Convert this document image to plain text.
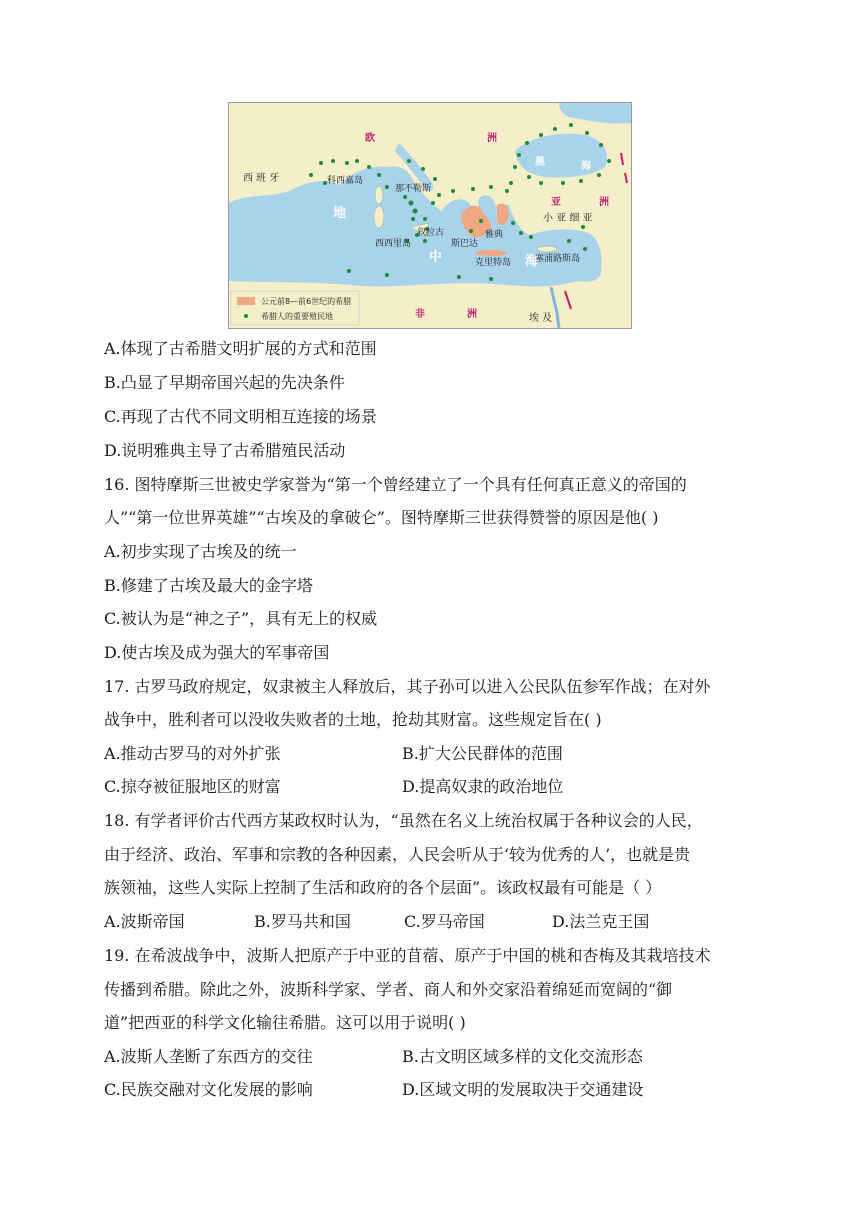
欧	洲
西 班 牙	科西嘉岛
那不勒斯
黑	海
亚	洲
小 亚 细 亚
地
中	海
叙拉古
西西里岛	斯巴达
雅典
克里特岛	塞浦路斯岛
非	洲	埃 及
公元前8—前6世纪的希腊
希腊人的重要殖民地
A.体现了古希腊文明扩展的方式和范围
B.凸显了早期帝国兴起的先决条件
C.再现了古代不同文明相互连接的场景
D.说明雅典主导了古希腊殖民活动
16. 图特摩斯三世被史学家誉为“第一个曾经建立了一个具有任何真正意义的帝国的
人”“第一位世界英雄”“古埃及的拿破仑”。图特摩斯三世获得赞誉的原因是他( )
A.初步实现了古埃及的统一
B.修建了古埃及最大的金字塔
C.被认为是“神之子”，具有无上的权威
D.使古埃及成为强大的军事帝国
17. 古罗马政府规定，奴隶被主人释放后，其子孙可以进入公民队伍参军作战；在对外
战争中，胜利者可以没收失败者的土地，抢劫其财富。这些规定旨在( )
A.推动古罗马的对外扩张	B.扩大公民群体的范围
C.掠夺被征服地区的财富	D.提高奴隶的政治地位
18. 有学者评价古代西方某政权时认为，“虽然在名义上统治权属于各种议会的人民，
由于经济、政治、军事和宗教的各种因素，人民会听从于‘较为优秀的人’，也就是贵
族领袖，这些人实际上控制了生活和政府的各个层面”。该政权最有可能是（ ）
A.波斯帝国	B.罗马共和国	C.罗马帝国	D.法兰克王国
19. 在希波战争中，波斯人把原产于中亚的苜蓿、原产于中国的桃和杏梅及其栽培技术
传播到希腊。除此之外，波斯科学家、学者、商人和外交家沿着绵延而宽阔的“御
道”把西亚的科学文化输往希腊。这可以用于说明( )
A.波斯人垄断了东西方的交往	B.古文明区域多样的文化交流形态
C.民族交融对文化发展的影响	D.区域文明的发展取决于交通建设
